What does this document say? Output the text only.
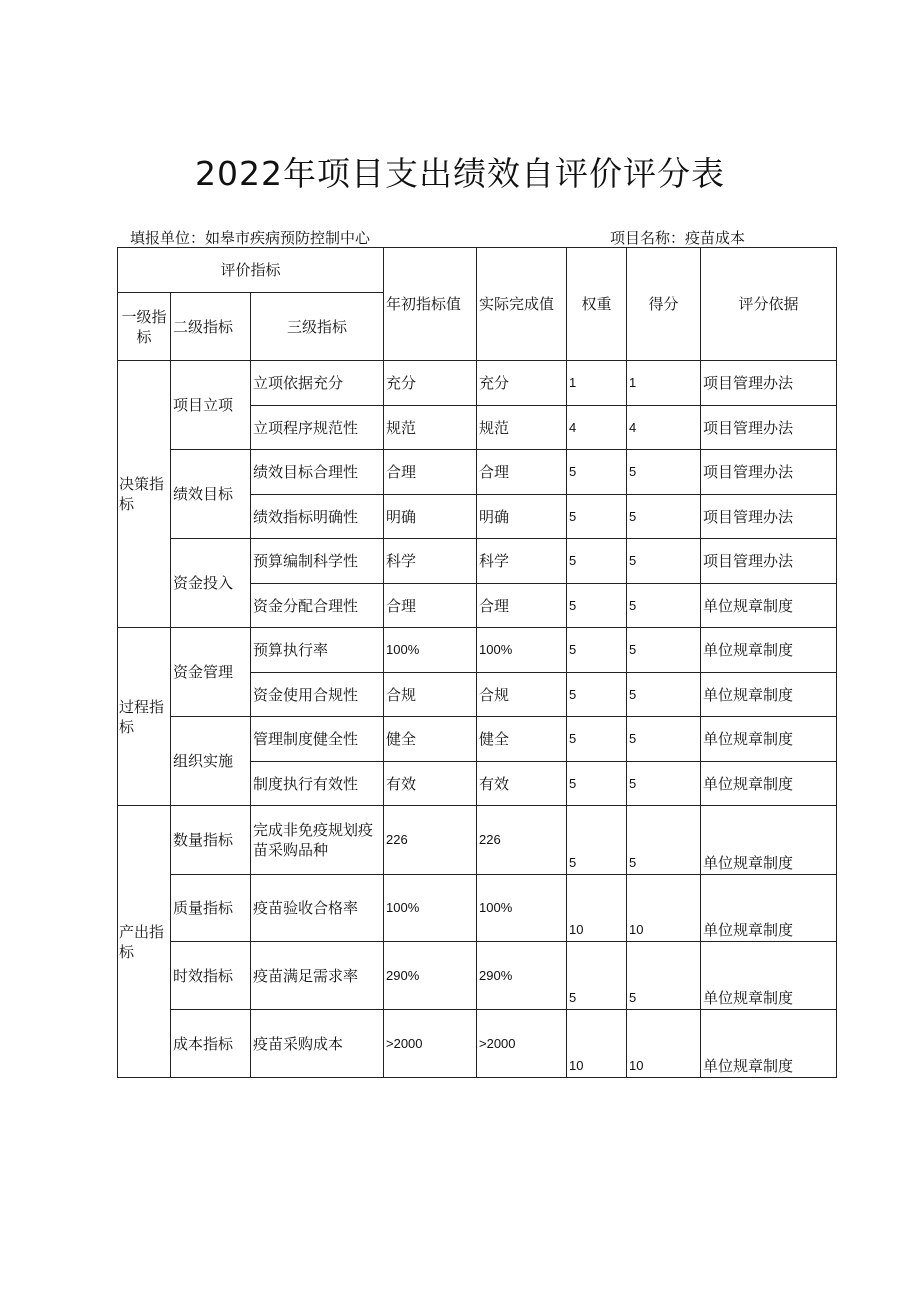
2022年项目支出绩效自评价评分表
填报单位：如皋市疾病预防控制中心	项目名称：疫苗成本
评价指标			年初指标值	实际完成值	权重	得分	评分依据
一级指标	二级指标	三级指标					
决策指标	项目立项	立项依据充分	充分	充分	1	1	项目管理办法
		立项程序规范性	规范	规范	4	4	项目管理办法
	绩效目标	绩效目标合理性	合理	合理	5	5	项目管理办法
		绩效指标明确性	明确	明确	5	5	项目管理办法
	资金投入	预算编制科学性	科学	科学	5	5	项目管理办法
		资金分配合理性	合理	合理	5	5	单位规章制度
过程指标	资金管理	预算执行率	100%	100%	5	5	单位规章制度
		资金使用合规性	合规	合规	5	5	单位规章制度
	组织实施	管理制度健全性	健全	健全	5	5	单位规章制度
		制度执行有效性	有效	有效	5	5	单位规章制度
产出指标	数量指标	完成非免疫规划疫苗采购品种	226	226	5	5	单位规章制度
	质量指标	疫苗验收合格率	100%	100%	10	10	单位规章制度
	时效指标	疫苗满足需求率	290%	290%	5	5	单位规章制度
	成本指标	疫苗采购成本	>2000	>2000	10	10	单位规章制度
